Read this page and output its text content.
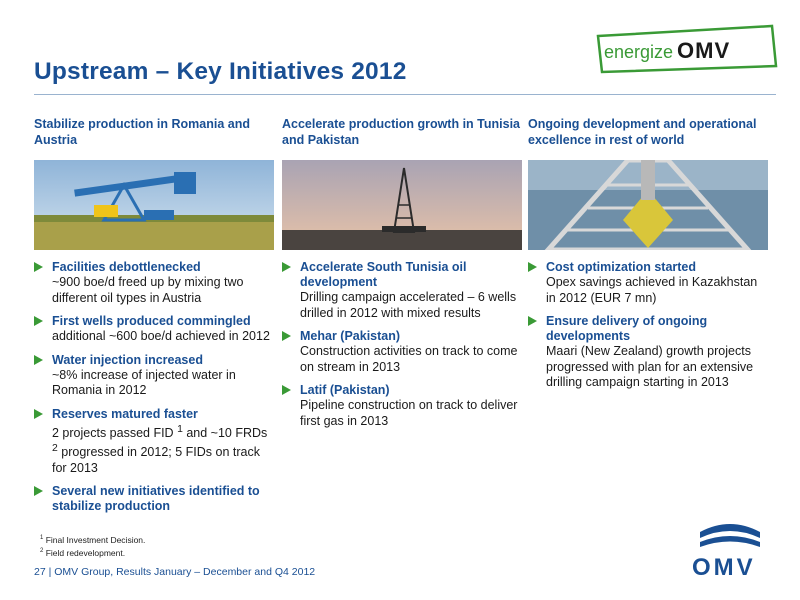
Upstream – Key Initiatives 2012
energize OMV
Stabilize production in Romania and Austria
Facilities debottlenecked
~900 boe/d freed up by mixing two different oil types in Austria
First wells produced commingled
additional ~600 boe/d achieved in 2012
Water injection increased
~8% increase of injected water in Romania in 2012
Reserves matured faster
2 projects passed FID $^1$ and ~10 FRDs $^2$ progressed in 2012; 5 FIDs on track for 2013
Several new initiatives identified to stabilize production
Accelerate production growth in Tunisia and Pakistan
Accelerate South Tunisia oil development
Drilling campaign accelerated – 6 wells drilled in 2012 with mixed results
Mehar (Pakistan)
Construction activities on track to come on stream in 2013
Latif (Pakistan)
Pipeline construction on track to deliver first gas in 2013
Ongoing development and operational excellence in rest of world
Cost optimization started
Opex savings achieved in Kazakhstan in 2012 (EUR 7 mn)
Ensure delivery of ongoing developments
Maari (New Zealand) growth projects progressed with plan for an extensive drilling campaign starting in 2013
$^1$ Final Investment Decision.
$^2$ Field redevelopment.
27 | OMV Group, Results January – December and Q4 2012	OMV
